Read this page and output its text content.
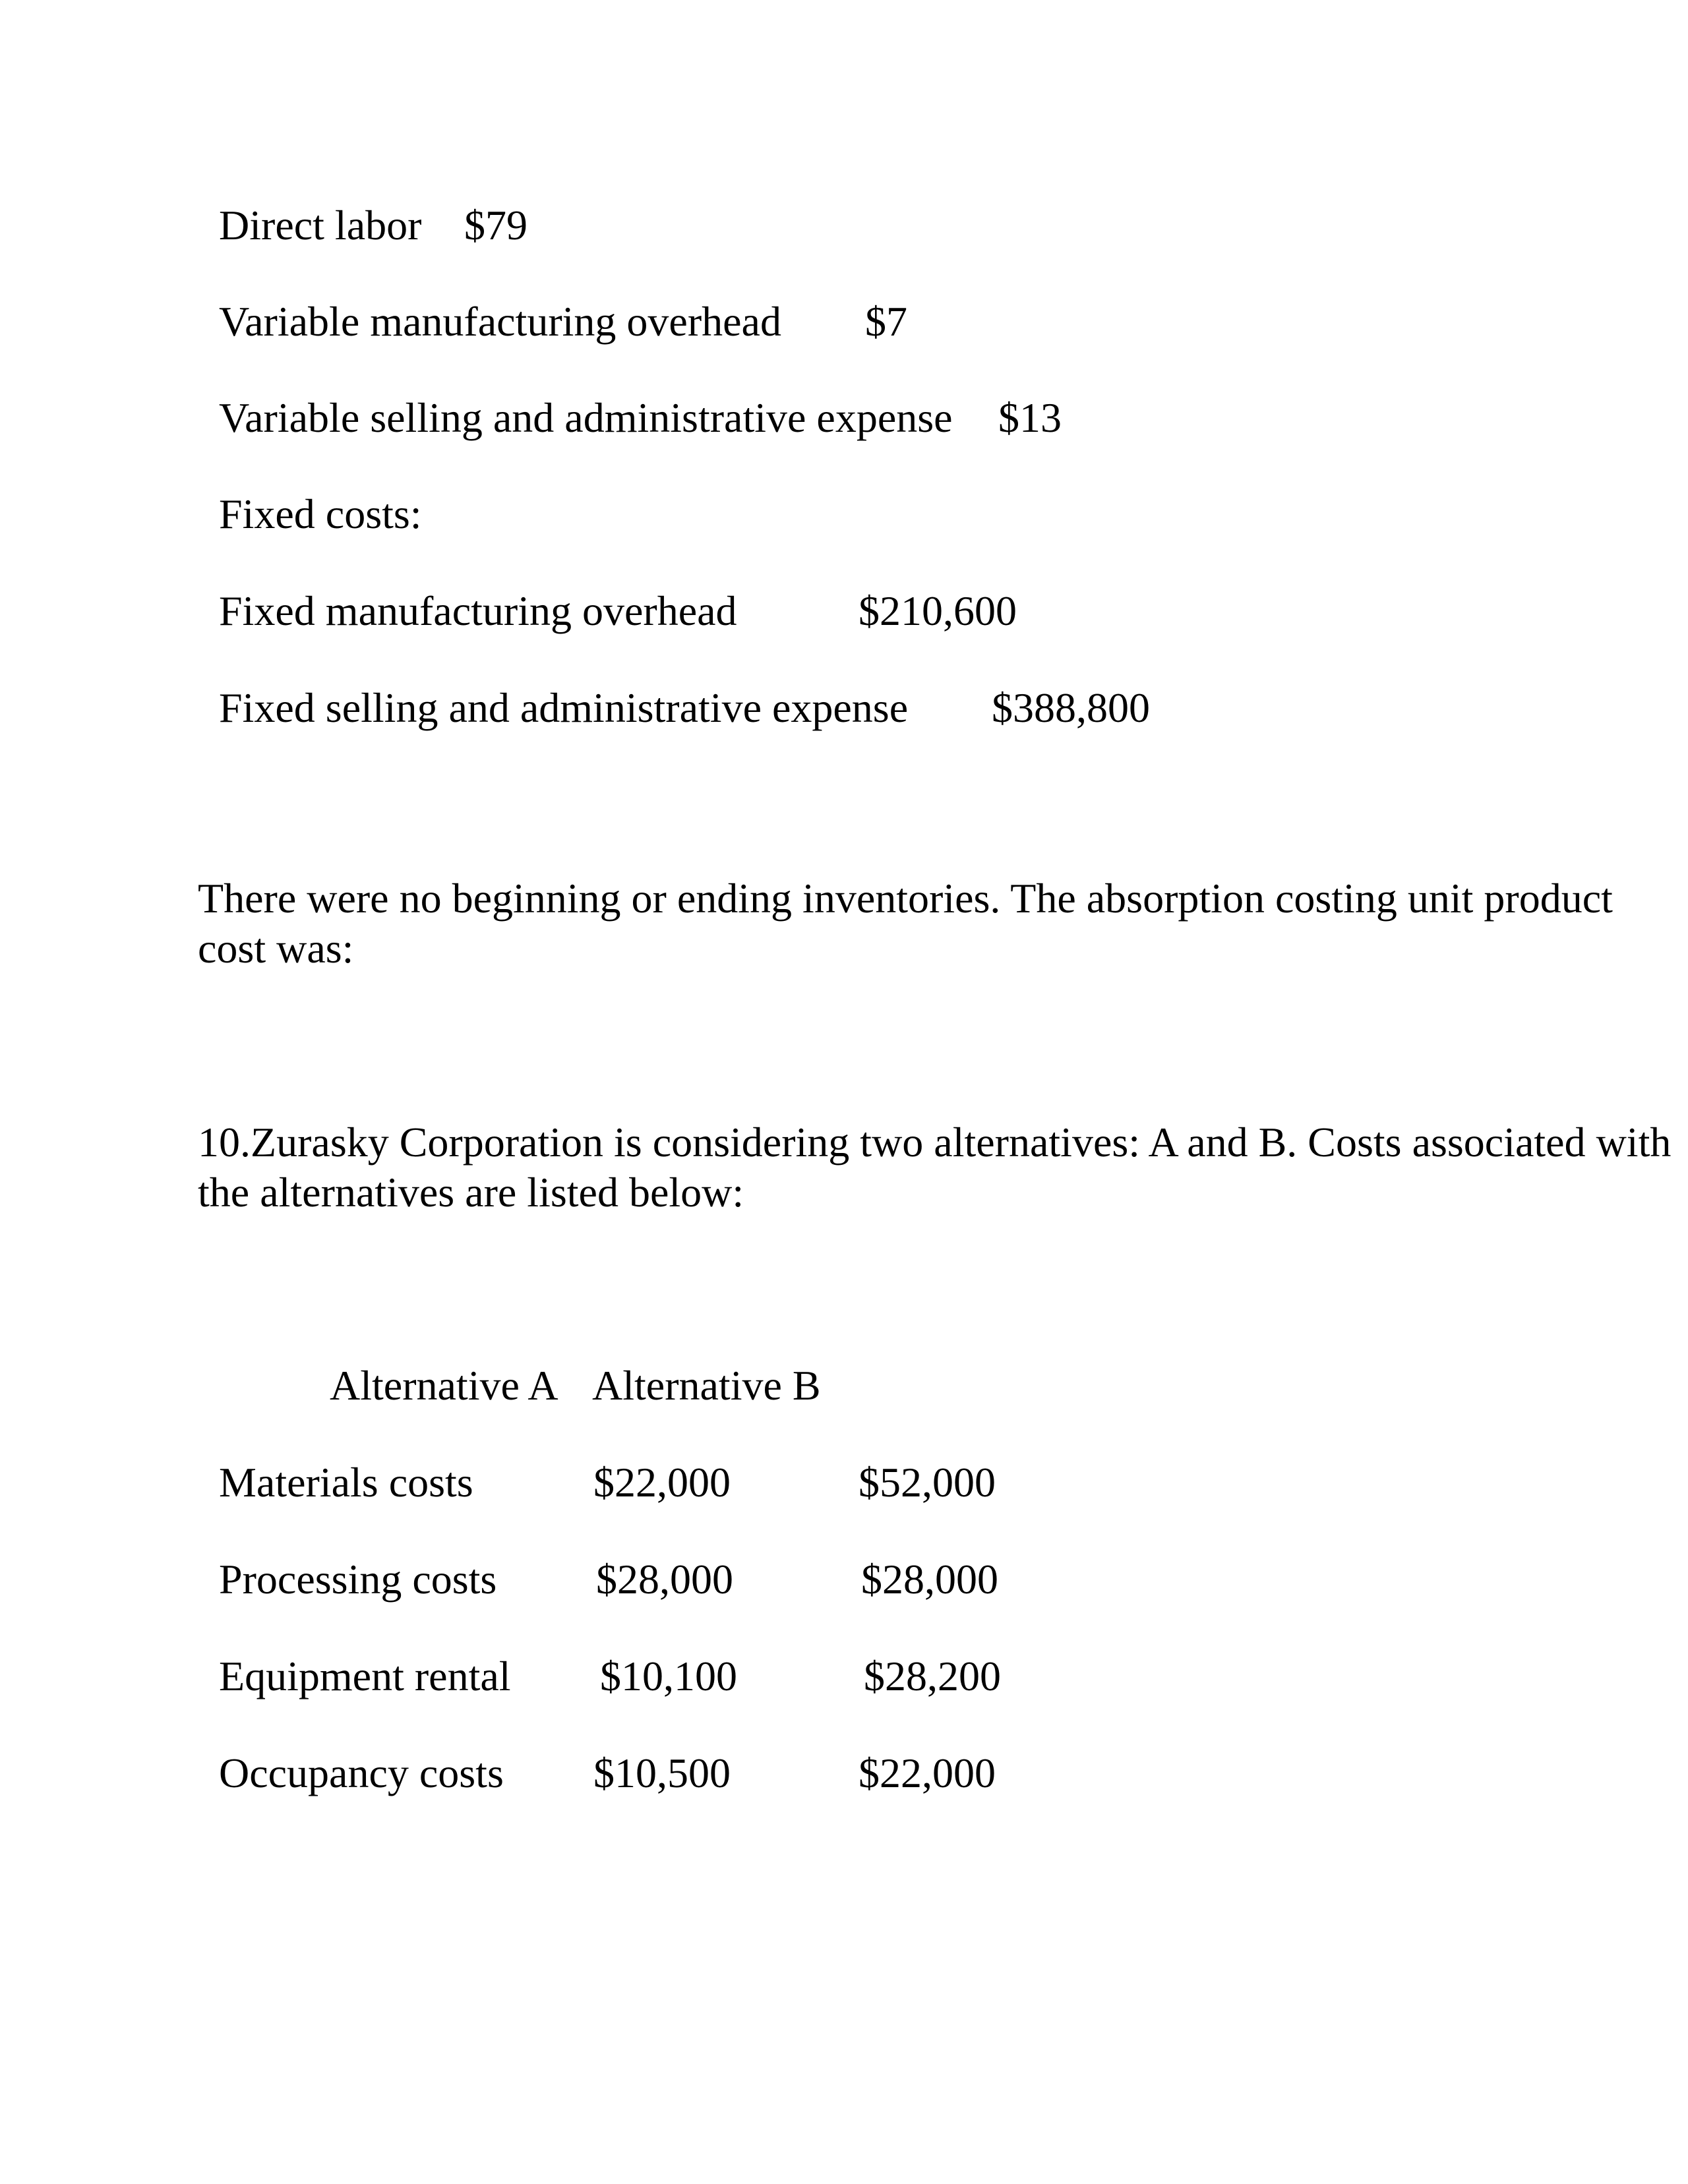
Direct labor $79
Variable manufacturing overhead $7
Variable selling and administrative expense $13
Fixed costs:
Fixed manufacturing overhead	$210,600
Fixed selling and administrative expense $388,800
There were no beginning or ending inventories. The absorption costing unit product cost was:
10.Zurasky Corporation is considering two alternatives: A and B. Costs associated with the alternatives are listed below:
Alternative A Alternative B
Materials costs	$22,000	$52,000
Processing costs $28,000	$28,000
Equipment rental $10,100	$28,200
Occupancy costs $10,500	$22,000
